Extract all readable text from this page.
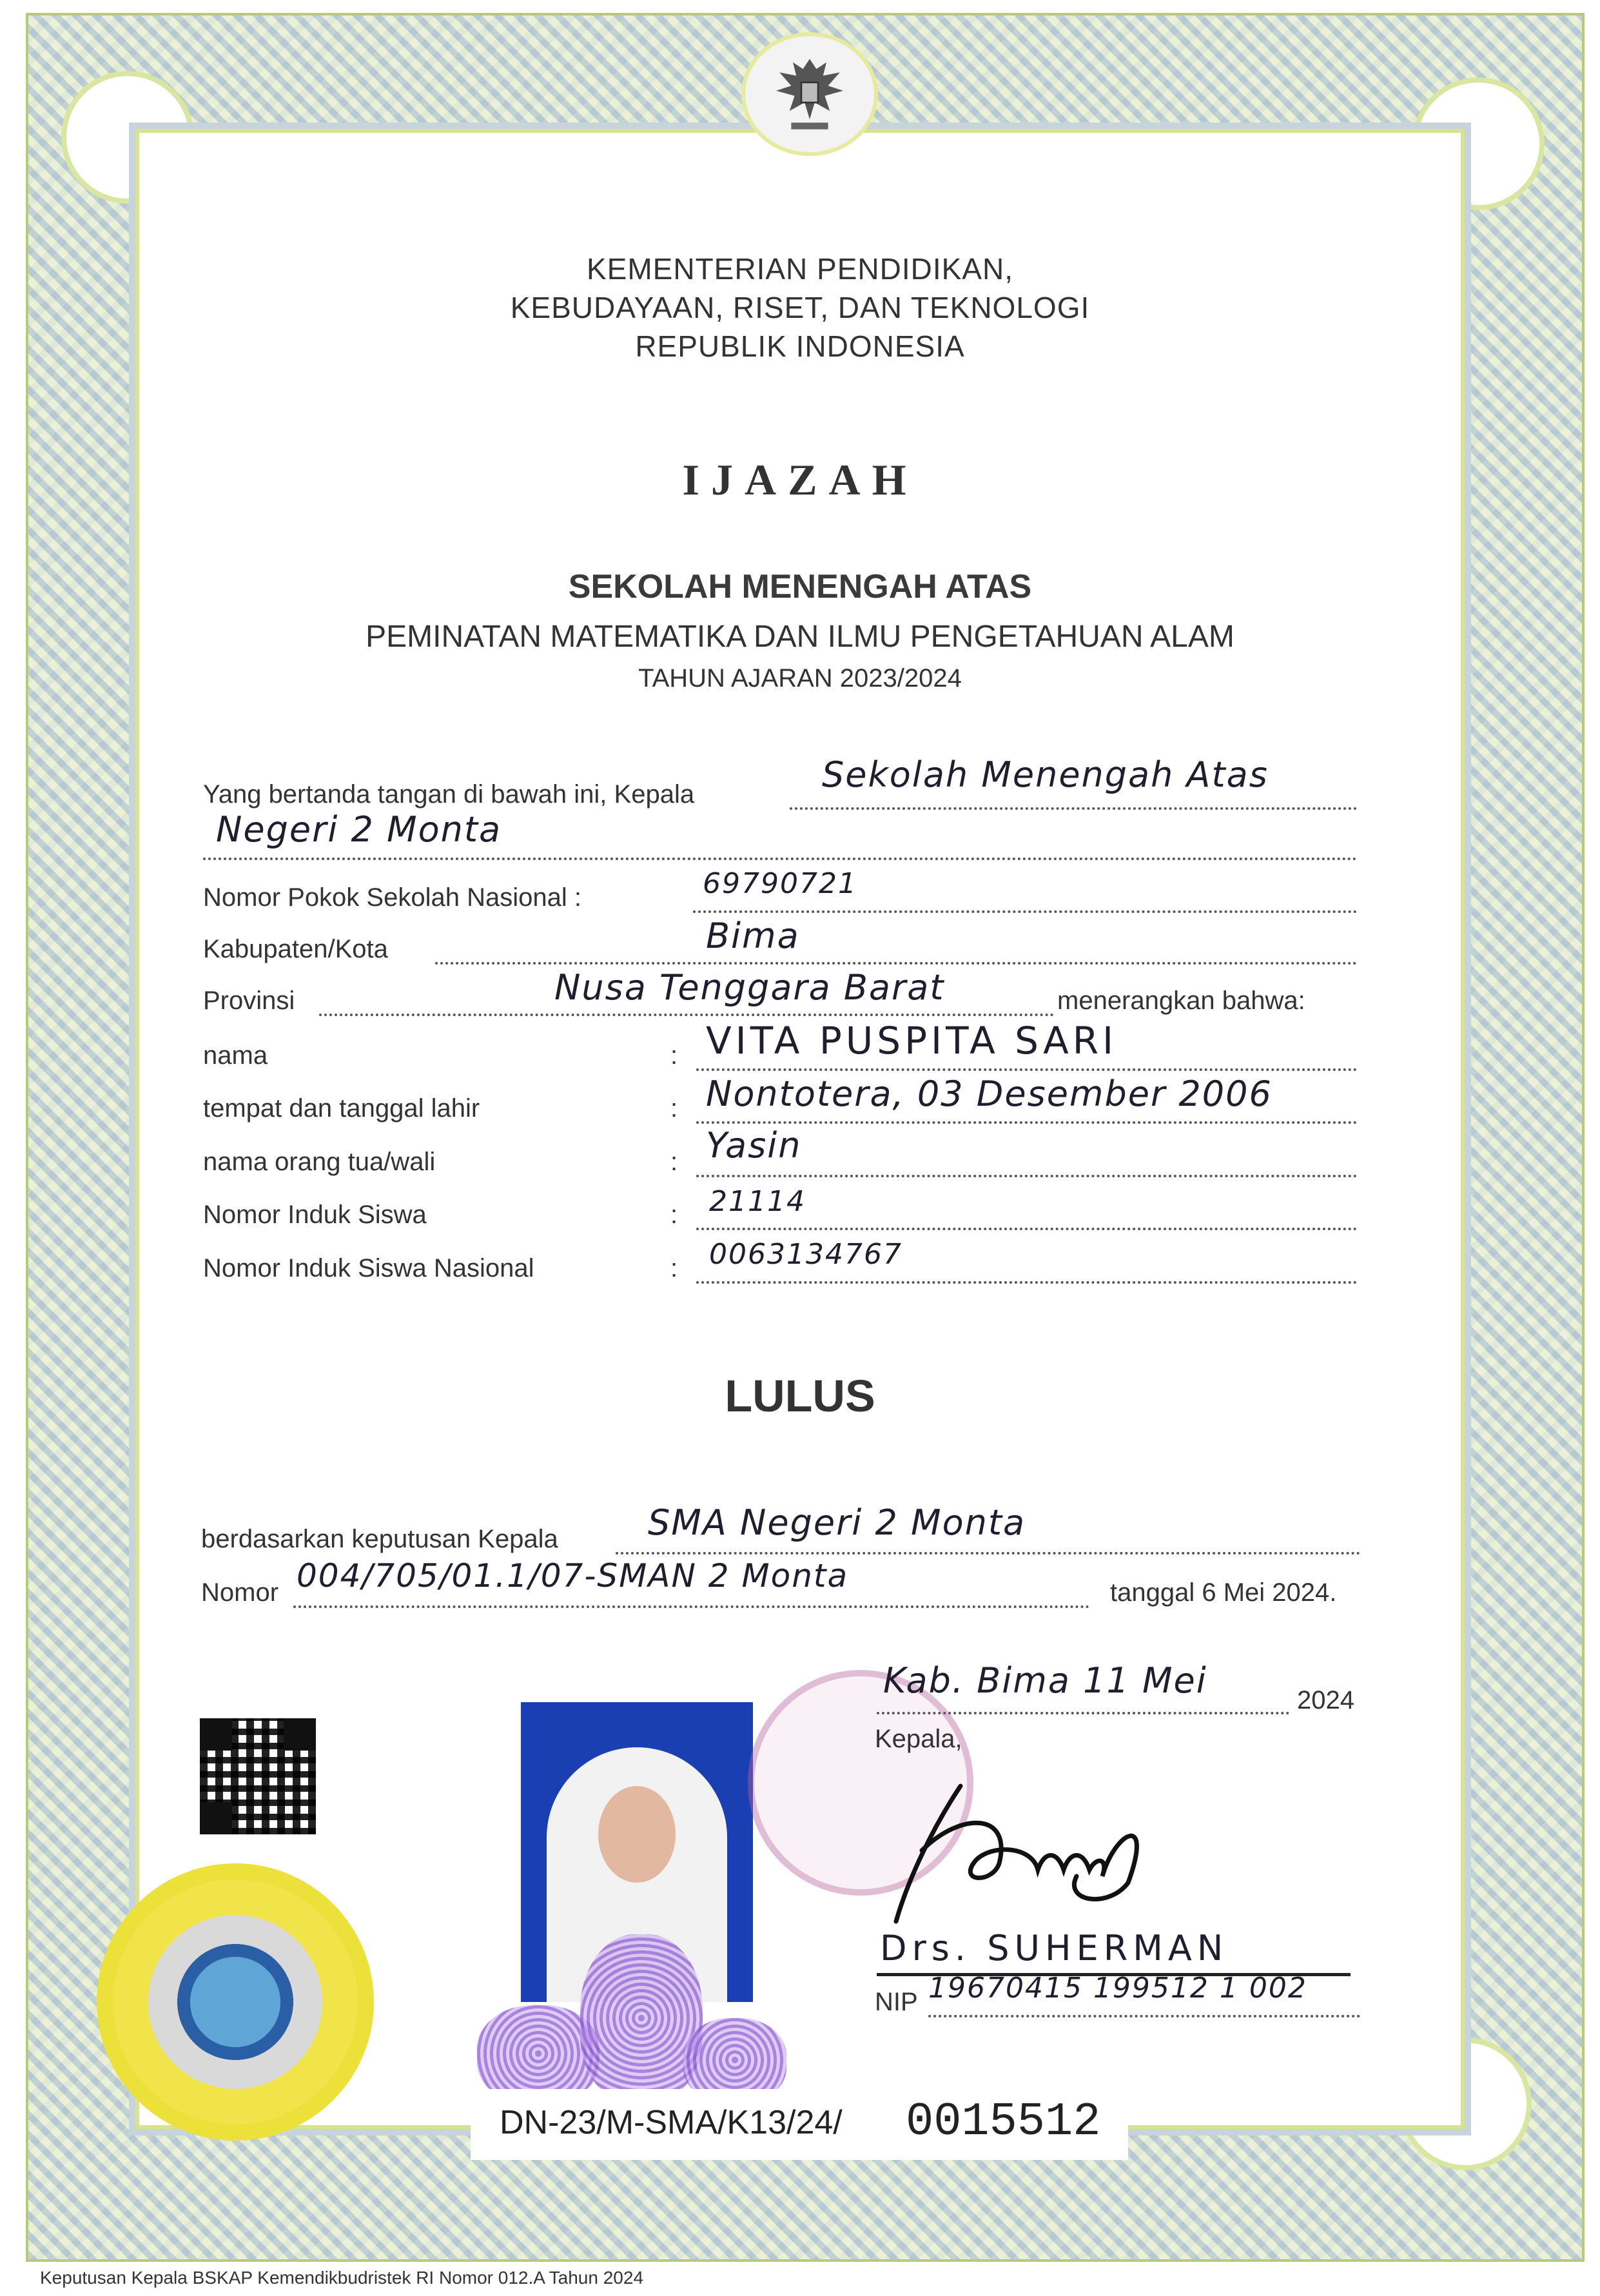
KEMENTERIAN PENDIDIKAN,
KEBUDAYAAN, RISET, DAN TEKNOLOGI
REPUBLIK INDONESIA
IJAZAH
SEKOLAH MENENGAH ATAS
PEMINATAN MATEMATIKA DAN ILMU PENGETAHUAN ALAM
TAHUN AJARAN 2023/2024
Yang bertanda tangan di bawah ini, Kepala	Sekolah Menengah Atas
Negeri 2 Monta
Nomor Pokok Sekolah Nasional :	69790721
Kabupaten/Kota	Bima
Provinsi	Nusa Tenggara Barat	menerangkan bahwa:
nama	: VITA PUSPITA SARI
tempat dan tanggal lahir	: Nontotera, 03 Desember 2006
nama orang tua/wali	: Yasin
Nomor Induk Siswa	: 21114
Nomor Induk Siswa Nasional	: 0063134767
LULUS
berdasarkan keputusan Kepala	SMA Negeri 2 Monta
Nomor 004/705/01.1/07-SMAN 2 Monta	tanggal 6 Mei 2024.
Kab. Bima 11 Mei	2024
Kepala,
Drs. SUHERMAN
NIP 19670415 199512 1 002
DN-23/M-SMA/K13/24/ 0015512
Keputusan Kepala BSKAP Kemendikbudristek RI Nomor 012.A Tahun 2024
